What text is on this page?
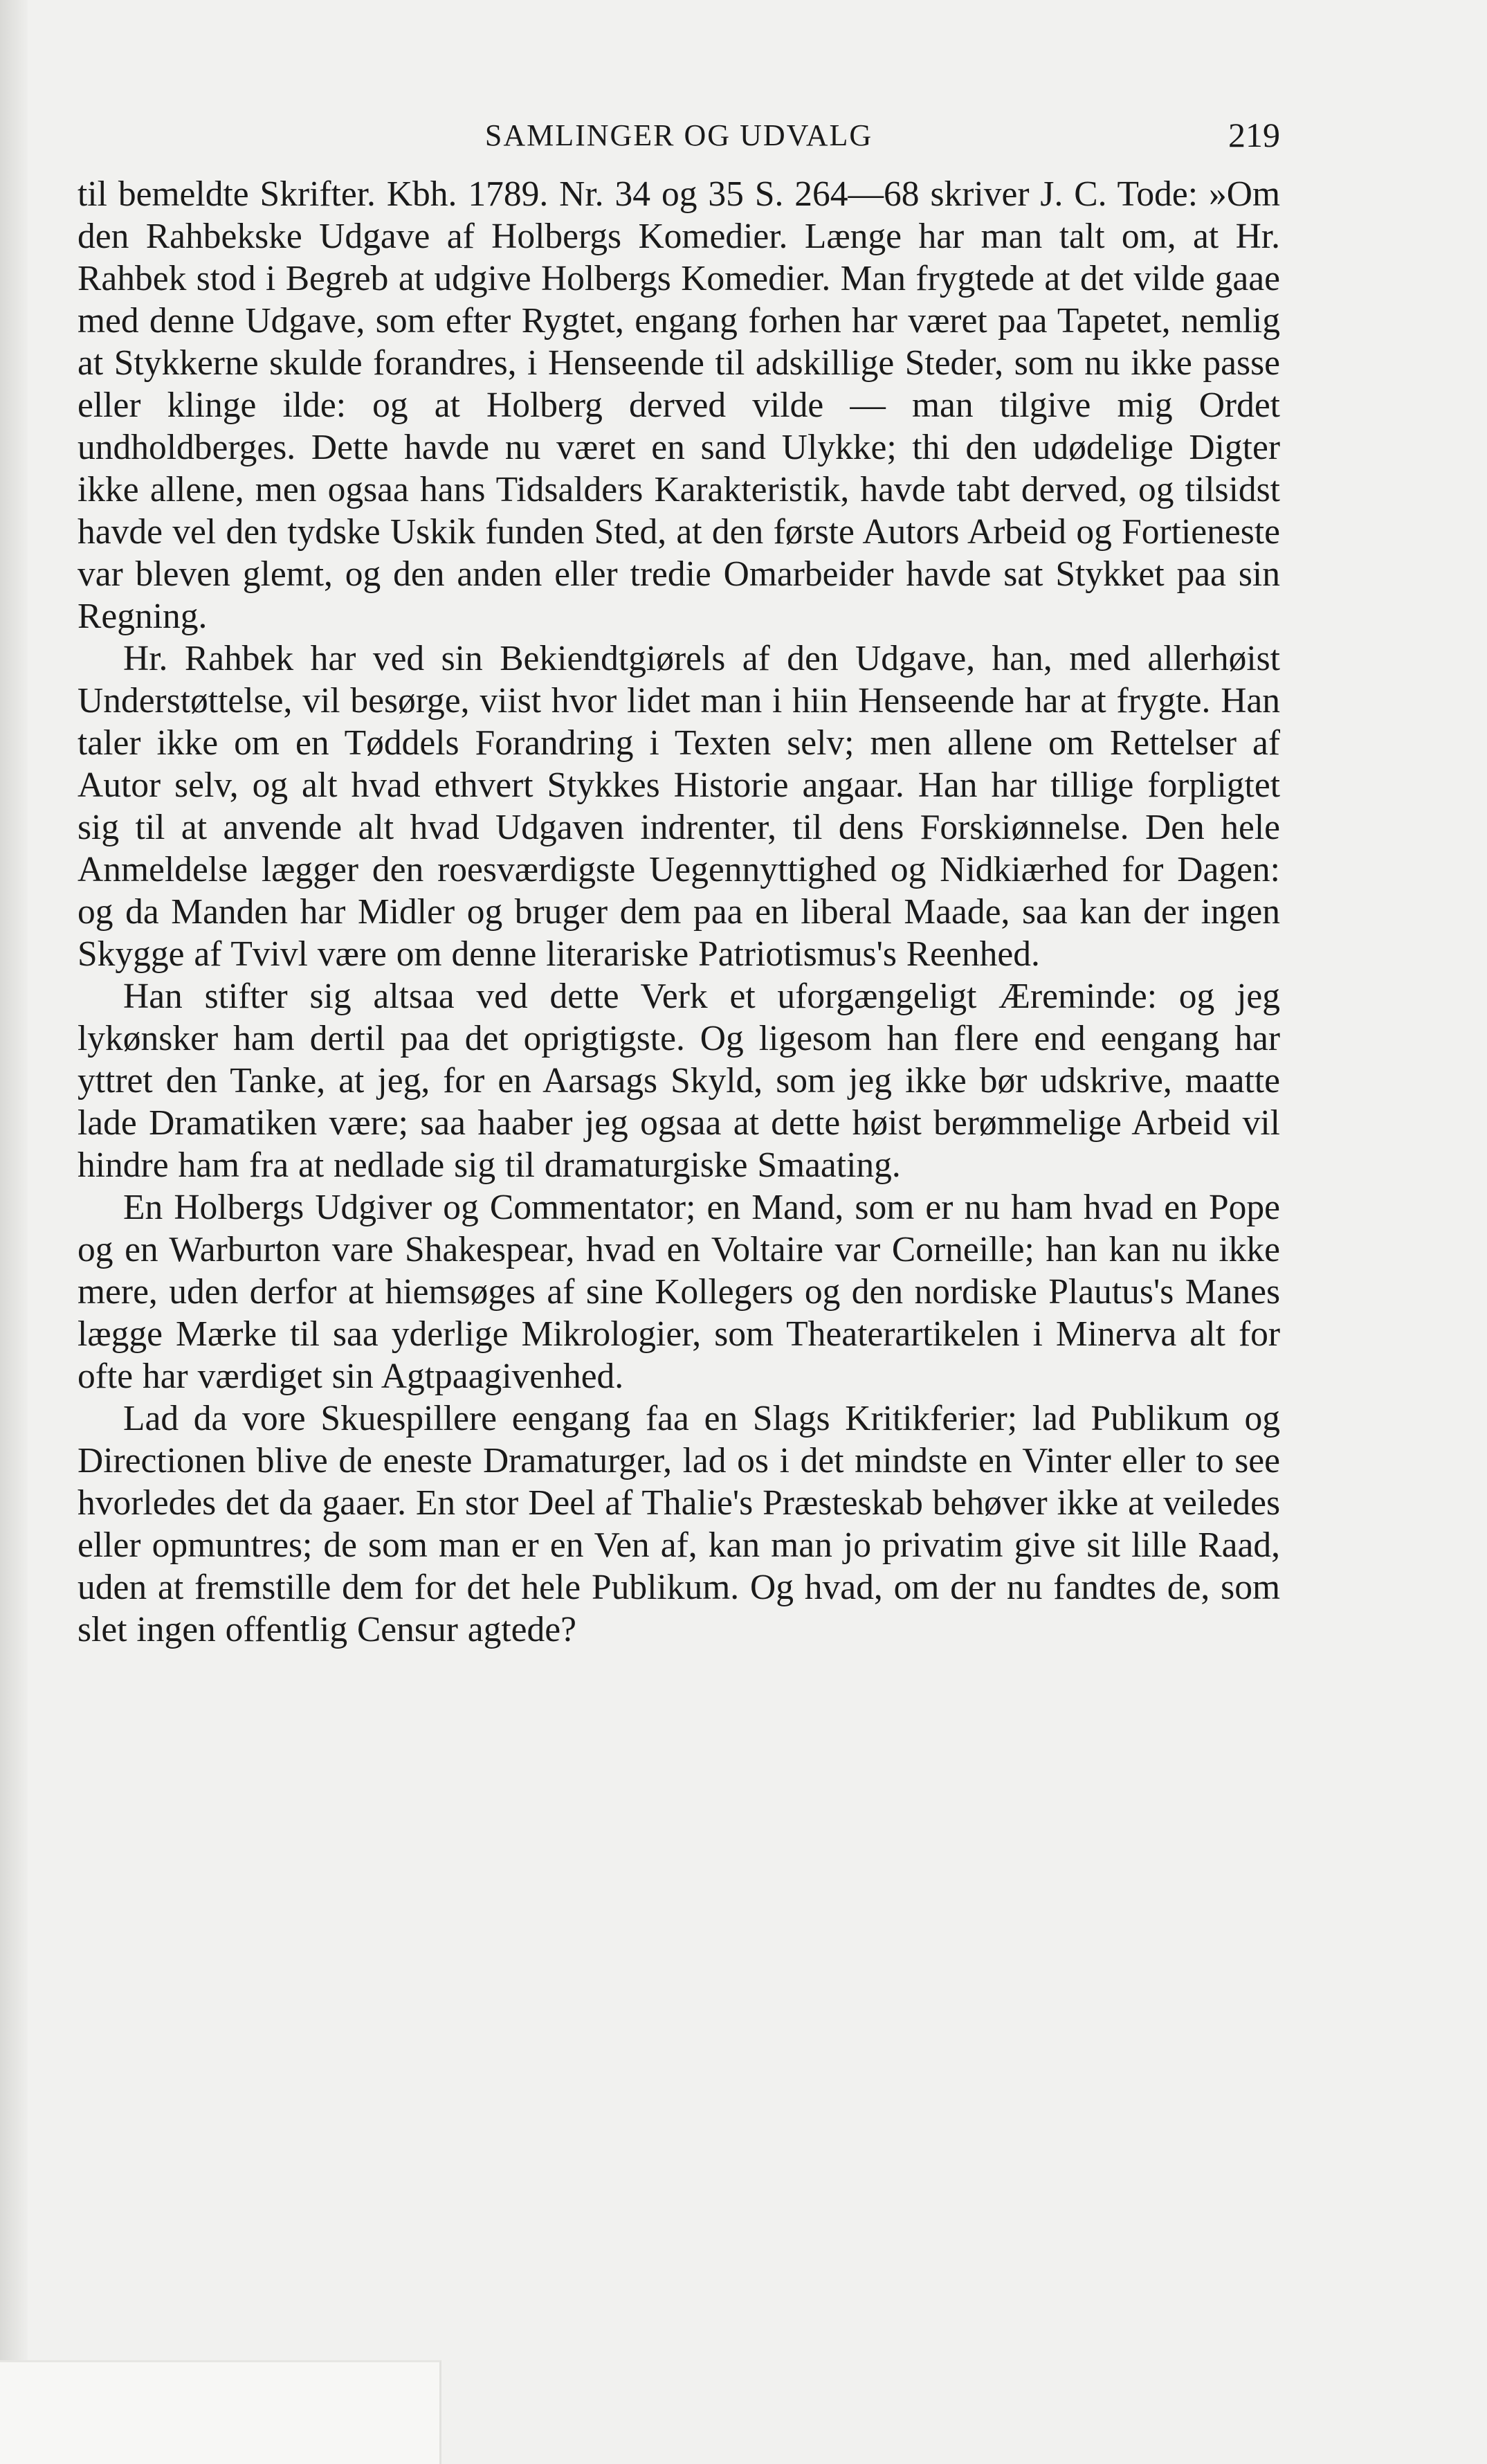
SAMLINGER OG UDVALG	219

til bemeldte Skrifter. Kbh. 1789. Nr. 34 og 35 S. 264—68 skriver J. C. Tode: »Om den Rahbekske Udgave af Holbergs Komedier. Længe har man talt om, at Hr. Rahbek stod i Begreb at udgive Holbergs Komedier. Man frygtede at det vilde gaae med denne Udgave, som efter Rygtet, engang forhen har været paa Tapetet, nemlig at Stykkerne skulde forandres, i Henseende til adskillige Steder, som nu ikke passe eller klinge ilde: og at Holberg derved vilde — man tilgive mig Ordet undholdberges. Dette havde nu været en sand Ulykke; thi den udødelige Digter ikke allene, men ogsaa hans Tidsalders Karakteristik, havde tabt derved, og tilsidst havde vel den tydske Uskik funden Sted, at den første Autors Arbeid og Fortieneste var bleven glemt, og den anden eller tredie Omarbeider havde sat Stykket paa sin Regning.

Hr. Rahbek har ved sin Bekiendtgiørels af den Udgave, han, med allerhøist Understøttelse, vil besørge, viist hvor lidet man i hiin Henseende har at frygte. Han taler ikke om en Tøddels Forandring i Texten selv; men allene om Rettelser af Autor selv, og alt hvad ethvert Stykkes Historie angaar. Han har tillige forpligtet sig til at anvende alt hvad Udgaven indrenter, til dens Forskiønnelse. Den hele Anmeldelse lægger den roesværdigste Uegennyttighed og Nidkiærhed for Dagen: og da Manden har Midler og bruger dem paa en liberal Maade, saa kan der ingen Skygge af Tvivl være om denne literariske Patriotismus's Reenhed.

Han stifter sig altsaa ved dette Verk et uforgængeligt Æreminde: og jeg lykønsker ham dertil paa det oprigtigste. Og ligesom han flere end eengang har yttret den Tanke, at jeg, for en Aarsags Skyld, som jeg ikke bør udskrive, maatte lade Dramatiken være; saa haaber jeg ogsaa at dette høist berømmelige Arbeid vil hindre ham fra at nedlade sig til dramaturgiske Smaating.

En Holbergs Udgiver og Commentator; en Mand, som er nu ham hvad en Pope og en Warburton vare Shakespear, hvad en Voltaire var Corneille; han kan nu ikke mere, uden derfor at hiemsøges af sine Kollegers og den nordiske Plautus's Manes lægge Mærke til saa yderlige Mikrologier, som Theaterartikelen i Minerva alt for ofte har værdiget sin Agtpaagivenhed.

Lad da vore Skuespillere eengang faa en Slags Kritikferier; lad Publikum og Directionen blive de eneste Dramaturger, lad os i det mindste en Vinter eller to see hvorledes det da gaaer. En stor Deel af Thalie's Præsteskab behøver ikke at veiledes eller opmuntres; de som man er en Ven af, kan man jo privatim give sit lille Raad, uden at fremstille dem for det hele Publikum. Og hvad, om der nu fandtes de, som slet ingen offentlig Censur agtede?
